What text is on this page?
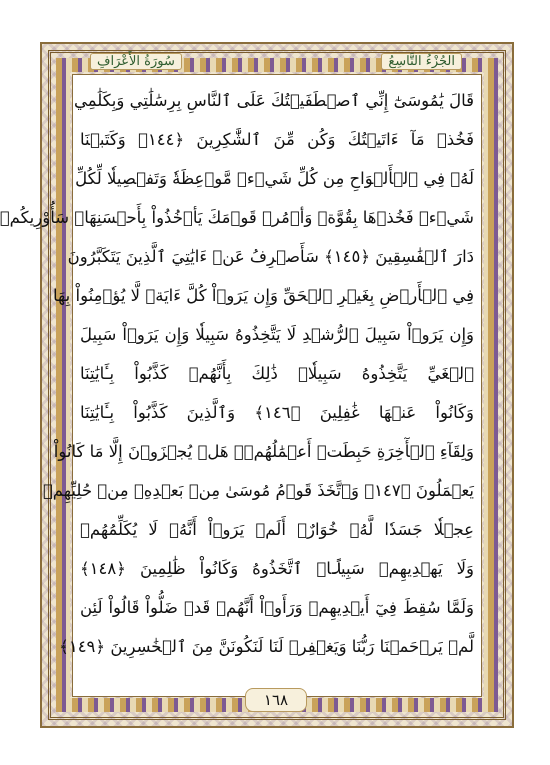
الجُزْءُ التَّاسِعُ
سُورَةُ الأَعْرَافِ
قَالَ يَٰمُوسَىٰٓ إِنِّي ٱصۡطَفَيۡتُكَ عَلَى ٱلنَّاسِ بِرِسَٰلَٰتِي وَبِكَلَٰمِي
فَخُذۡ مَآ ءَاتَيۡتُكَ وَكُن مِّنَ ٱلشَّٰكِرِينَ ﴿١٤٤﴾ وَكَتَبۡنَا
لَهُۥ فِي ٱلۡأَلۡوَاحِ مِن كُلِّ شَيۡءٖ مَّوۡعِظَةٗ وَتَفۡصِيلٗا لِّكُلِّ
شَيۡءٖ فَخُذۡهَا بِقُوَّةٖ وَأۡمُرۡ قَوۡمَكَ يَأۡخُذُواْ بِأَحۡسَنِهَاۚ سَأُوْرِيكُمۡ
دَارَ ٱلۡفَٰسِقِينَ ﴿١٤٥﴾ سَأَصۡرِفُ عَنۡ ءَايَٰتِيَ ٱلَّذِينَ يَتَكَبَّرُونَ
فِي ٱلۡأَرۡضِ بِغَيۡرِ ٱلۡحَقِّ وَإِن يَرَوۡاْ كُلَّ ءَايَةٖ لَّا يُؤۡمِنُواْ بِهَا
وَإِن يَرَوۡاْ سَبِيلَ ٱلرُّشۡدِ لَا يَتَّخِذُوهُ سَبِيلٗا وَإِن يَرَوۡاْ سَبِيلَ
ٱلۡغَيِّ يَتَّخِذُوهُ سَبِيلٗاۚ ذَٰلِكَ بِأَنَّهُمۡ كَذَّبُواْ بِـَٔايَٰتِنَا
وَكَانُواْ عَنۡهَا غَٰفِلِينَ ﴿١٤٦﴾ وَٱلَّذِينَ كَذَّبُواْ بِـَٔايَٰتِنَا
وَلِقَآءِ ٱلۡأٓخِرَةِ حَبِطَتۡ أَعۡمَٰلُهُمۡۚ هَلۡ يُجۡزَوۡنَ إِلَّا مَا كَانُواْ
يَعۡمَلُونَ ﴿١٤٧﴾ وَٱتَّخَذَ قَوۡمُ مُوسَىٰ مِنۢ بَعۡدِهِۦ مِنۡ حُلِيِّهِمۡ
عِجۡلٗا جَسَدٗا لَّهُۥ خُوَارٌۚ أَلَمۡ يَرَوۡاْ أَنَّهُۥ لَا يُكَلِّمُهُمۡ
وَلَا يَهۡدِيهِمۡ سَبِيلًاۘ ٱتَّخَذُوهُ وَكَانُواْ ظَٰلِمِينَ ﴿١٤٨﴾
وَلَمَّا سُقِطَ فِيٓ أَيۡدِيهِمۡ وَرَأَوۡاْ أَنَّهُمۡ قَدۡ ضَلُّواْ قَالُواْ لَئِن
لَّمۡ يَرۡحَمۡنَا رَبُّنَا وَيَغۡفِرۡ لَنَا لَنَكُونَنَّ مِنَ ٱلۡخَٰسِرِينَ ﴿١٤٩﴾
١٦٨
